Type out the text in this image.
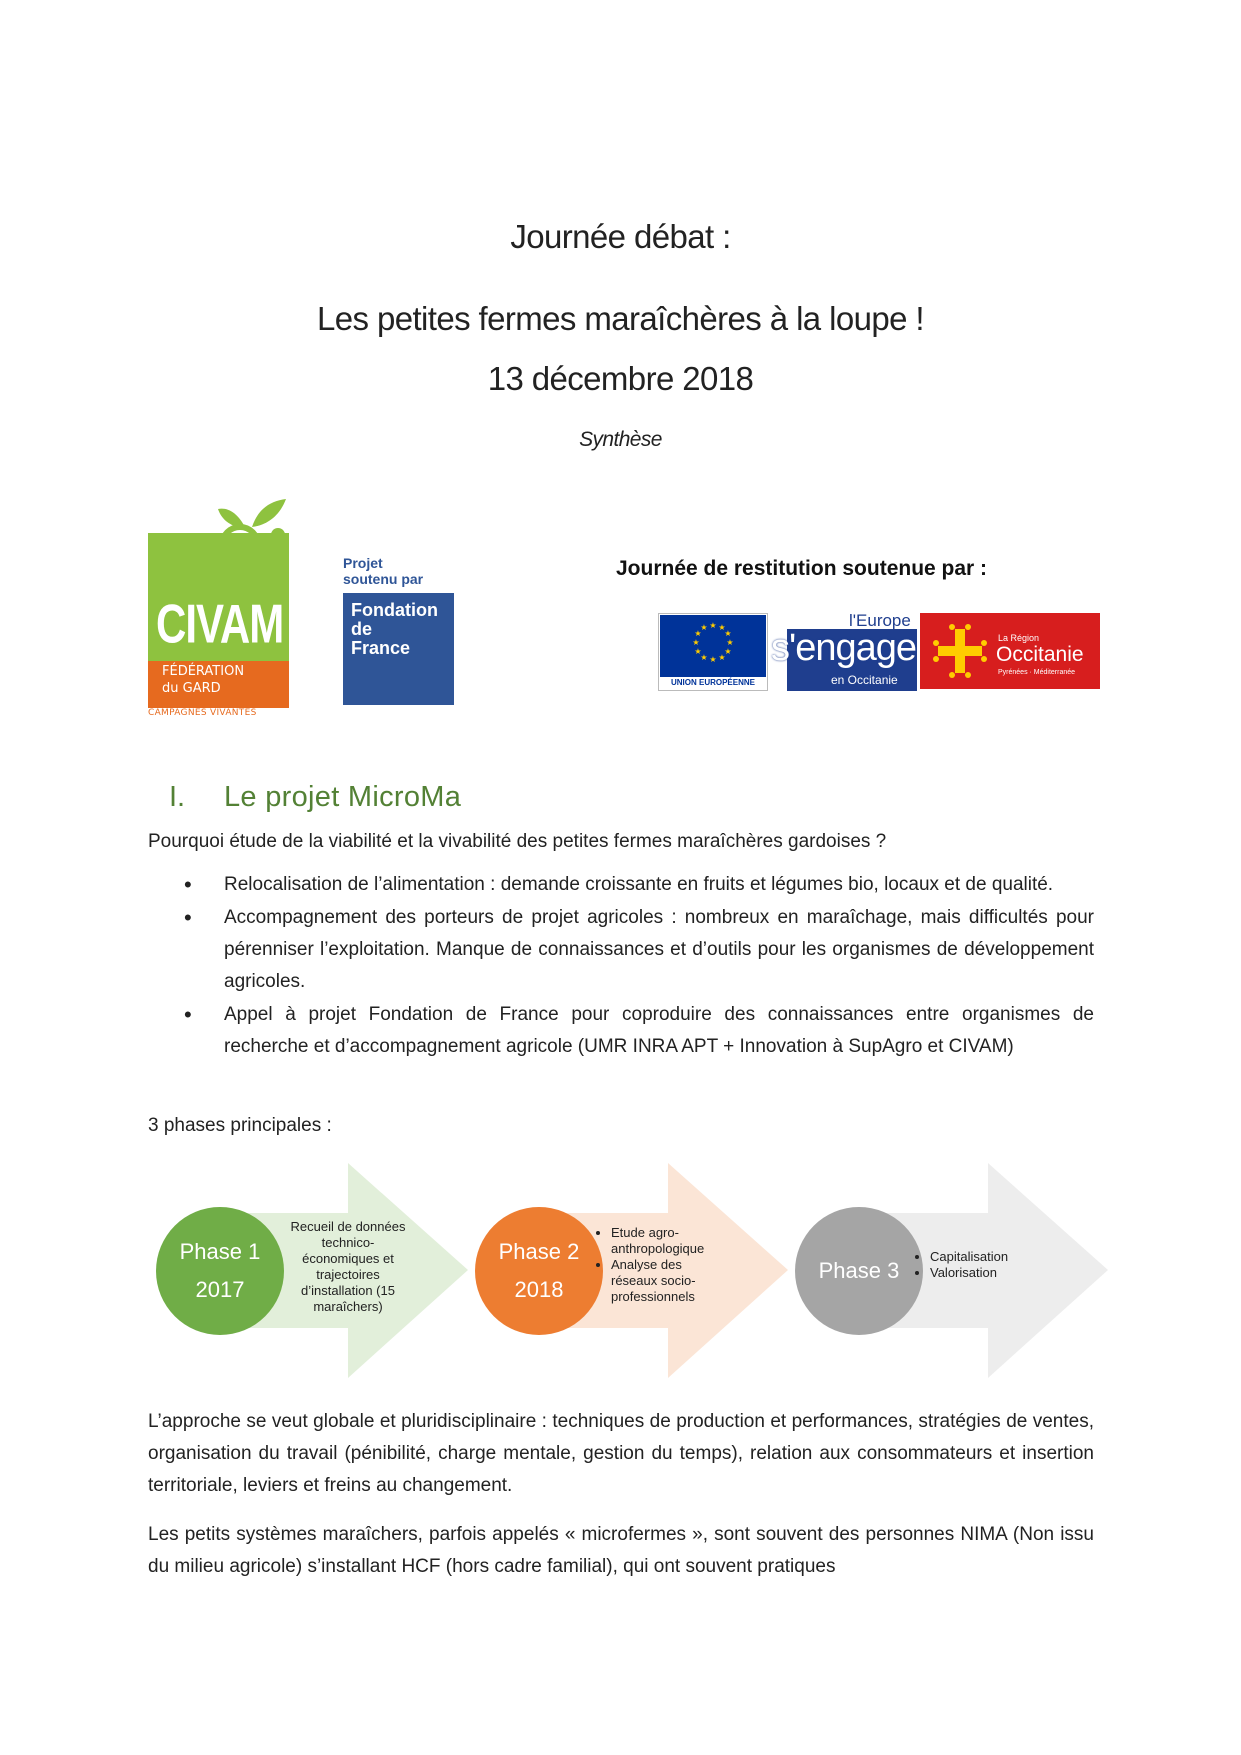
Journée débat :
Les petites fermes maraîchères à la loupe !
13 décembre 2018
Synthèse
CIVAM
FÉDÉRATION
du GARD
CAMPAGNES VIVANTES
Projet
soutenu par
Fondation
de
France
Journée de restitution soutenue par :
★ ★
★
★
★
★
★
★
★
★
★
★
UNION EUROPÉENNE
l'Europe
s'engage
en Occitanie
La Région
Occitanie
Pyrénées · Méditerranée
I. Le projet MicroMa
Pourquoi étude de la viabilité et la vivabilité des petites fermes maraîchères gardoises ?
• Relocalisation de l’alimentation : demande croissante en fruits et légumes bio, locaux et de qualité.
• Accompagnement des porteurs de projet agricoles : nombreux en maraîchage, mais difficultés pour pérenniser l’exploitation. Manque de connaissances et d’outils pour les organismes de développement agricoles.
• Appel à projet Fondation de France pour coproduire des connaissances entre organismes de recherche et d’accompagnement agricole (UMR INRA APT + Innovation à SupAgro et CIVAM)
3 phases principales :
Phase 1
2017
Phase 2
2018
Phase 3
Recueil de données technico-économiques et trajectoires d’installation (15 maraîchers)
• Etude agro-anthropologique
• Analyse des réseaux socio-professionnels
• Capitalisation
• Valorisation
L’approche se veut globale et pluridisciplinaire : techniques de production et performances, stratégies de ventes, organisation du travail (pénibilité, charge mentale, gestion du temps), relation aux consommateurs et insertion territoriale, leviers et freins au changement.
Les petits systèmes maraîchers, parfois appelés « microfermes », sont souvent des personnes NIMA (Non issu du milieu agricole) s’installant HCF (hors cadre familial), qui ont souvent pratiques
